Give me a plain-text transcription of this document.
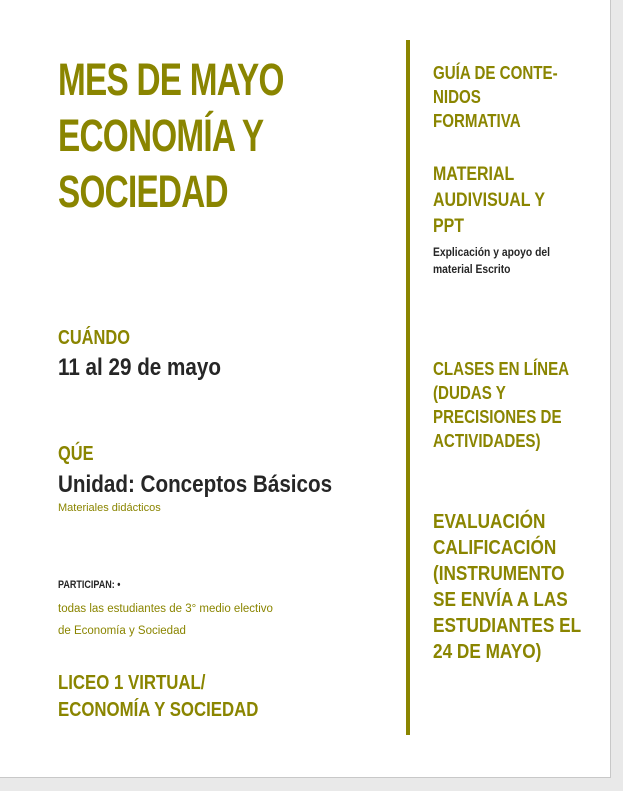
MES DE MAYO
ECONOMÍA Y
SOCIEDAD
CUÁNDO
11 al 29 de mayo
QÚE
Unidad: Conceptos Básicos
Materiales didácticos
PARTICIPAN: •
todas las estudiantes de 3° medio electivo
de Economía y Sociedad
LICEO 1 VIRTUAL/
ECONOMÍA Y SOCIEDAD
GUÍA DE CONTE-
NIDOS
FORMATIVA
MATERIAL
AUDIVISUAL Y
PPT
Explicación y apoyo del
material Escrito
CLASES EN LÍNEA
(DUDAS Y
PRECISIONES DE
ACTIVIDADES)
EVALUACIÓN
CALIFICACIÓN
(INSTRUMENTO
SE ENVÍA A LAS
ESTUDIANTES EL
24 DE MAYO)
